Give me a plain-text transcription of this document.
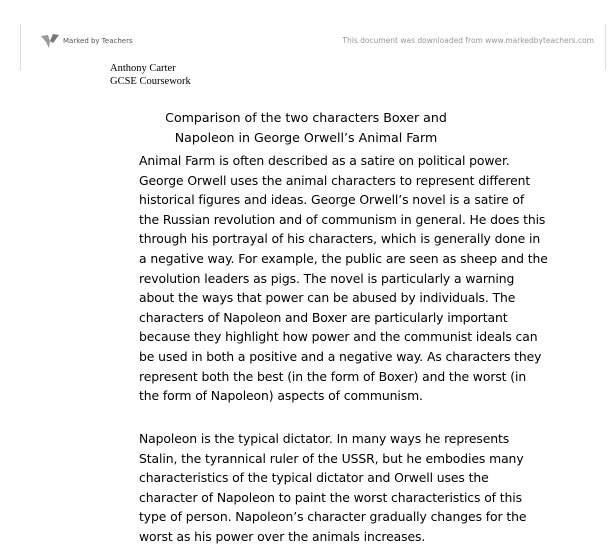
Marked by Teachers	This document was downloaded from www.markedbyteachers.com
Anthony Carter
GCSE Coursework
Comparison of the two characters Boxer and
Napoleon in George Orwell’s Animal Farm
Animal Farm is often described as a satire on political power.
George Orwell uses the animal characters to represent different
historical figures and ideas. George Orwell’s novel is a satire of
the Russian revolution and of communism in general. He does this
through his portrayal of his characters, which is generally done in
a negative way. For example, the public are seen as sheep and the
revolution leaders as pigs. The novel is particularly a warning
about the ways that power can be abused by individuals. The
characters of Napoleon and Boxer are particularly important
because they highlight how power and the communist ideals can
be used in both a positive and a negative way. As characters they
represent both the best (in the form of Boxer) and the worst (in
the form of Napoleon) aspects of communism.
Napoleon is the typical dictator. In many ways he represents
Stalin, the tyrannical ruler of the USSR, but he embodies many
characteristics of the typical dictator and Orwell uses the
character of Napoleon to paint the worst characteristics of this
type of person. Napoleon’s character gradually changes for the
worst as his power over the animals increases.
